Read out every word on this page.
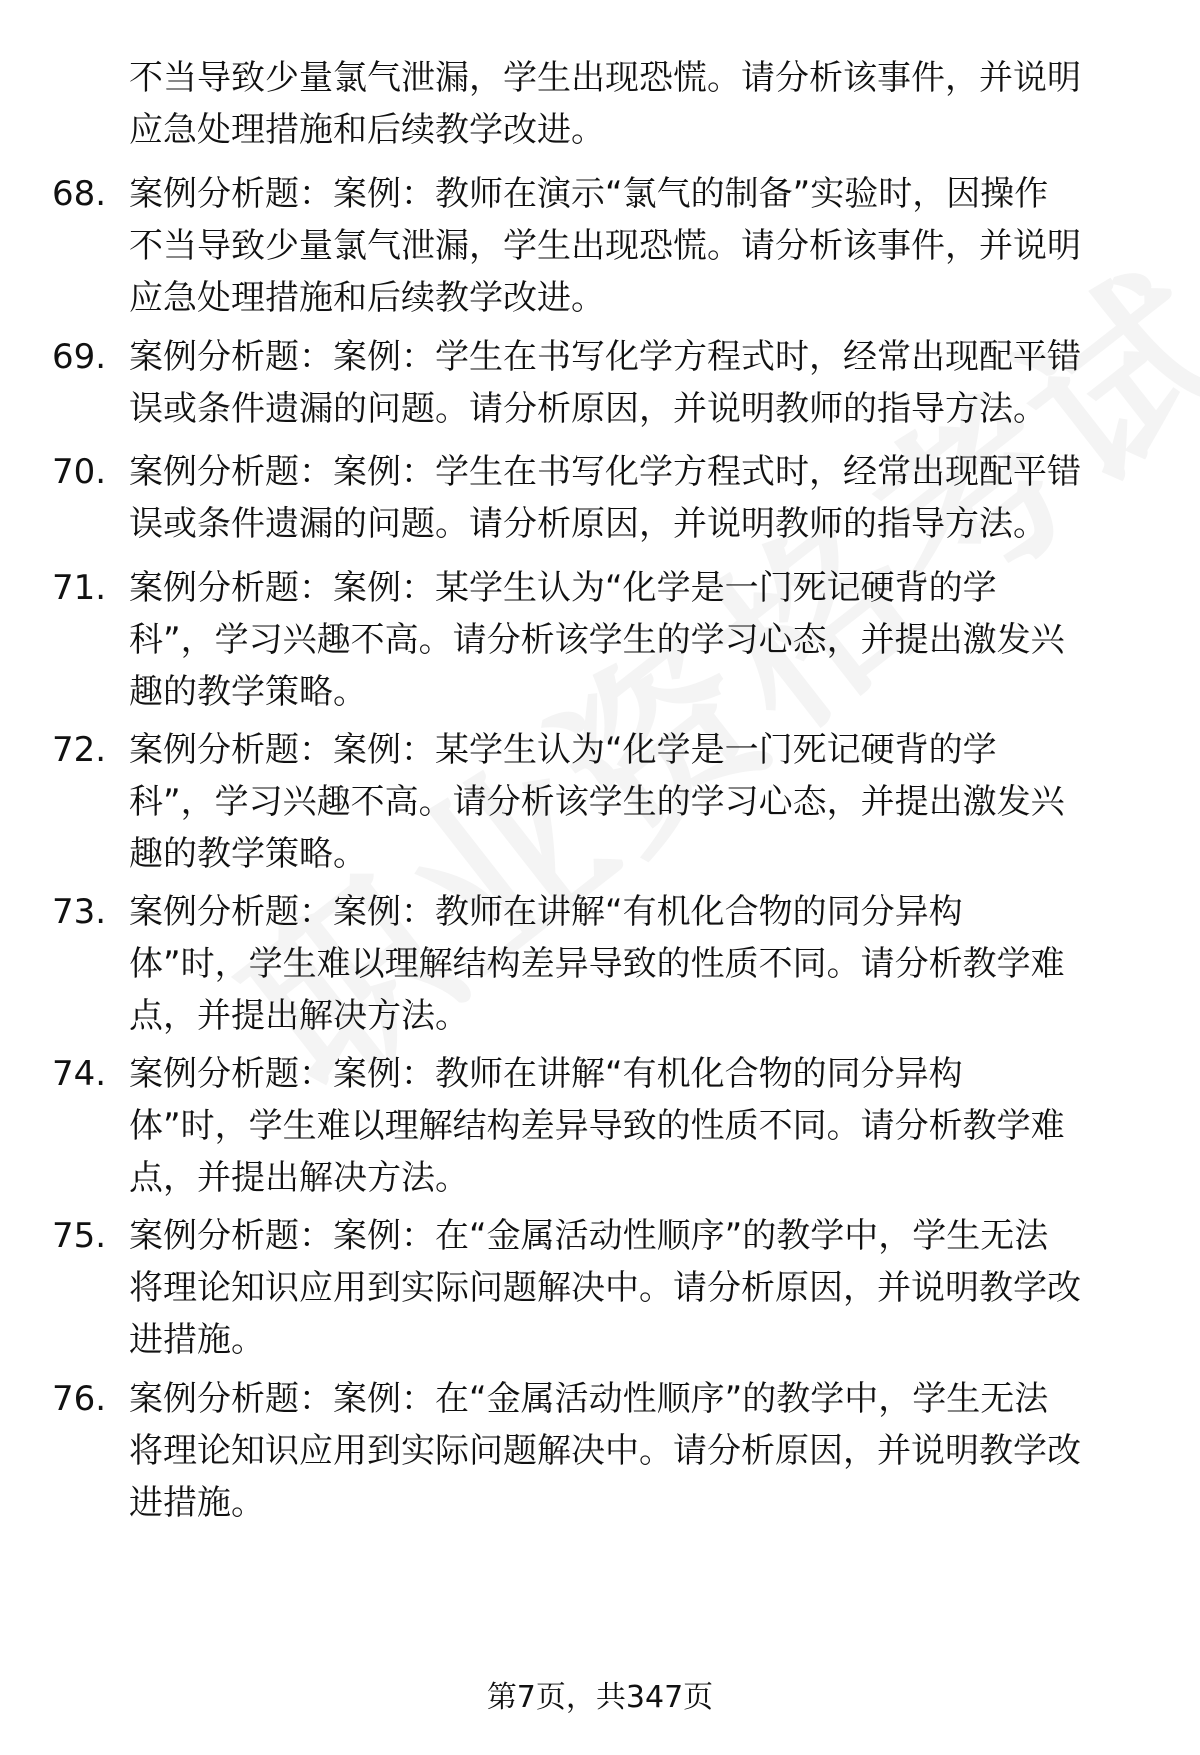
不当导致少量氯气泄漏，学生出现恐慌。请分析该事件，并说明
应急处理措施和后续教学改进。
68. 案例分析题：案例：教师在演示“氯气的制备”实验时，因操作
不当导致少量氯气泄漏，学生出现恐慌。请分析该事件，并说明
应急处理措施和后续教学改进。
69. 案例分析题：案例：学生在书写化学方程式时，经常出现配平错
误或条件遗漏的问题。请分析原因，并说明教师的指导方法。
70. 案例分析题：案例：学生在书写化学方程式时，经常出现配平错
误或条件遗漏的问题。请分析原因，并说明教师的指导方法。
71. 案例分析题：案例：某学生认为“化学是一门死记硬背的学
科”，学习兴趣不高。请分析该学生的学习心态，并提出激发兴
趣的教学策略。
72. 案例分析题：案例：某学生认为“化学是一门死记硬背的学
科”，学习兴趣不高。请分析该学生的学习心态，并提出激发兴
趣的教学策略。
73. 案例分析题：案例：教师在讲解“有机化合物的同分异构
体”时，学生难以理解结构差异导致的性质不同。请分析教学难
点，并提出解决方法。
74. 案例分析题：案例：教师在讲解“有机化合物的同分异构
体”时，学生难以理解结构差异导致的性质不同。请分析教学难
点，并提出解决方法。
75. 案例分析题：案例：在“金属活动性顺序”的教学中，学生无法
将理论知识应用到实际问题解决中。请分析原因，并说明教学改
进措施。
76. 案例分析题：案例：在“金属活动性顺序”的教学中，学生无法
将理论知识应用到实际问题解决中。请分析原因，并说明教学改
进措施。
第7页，共347页
